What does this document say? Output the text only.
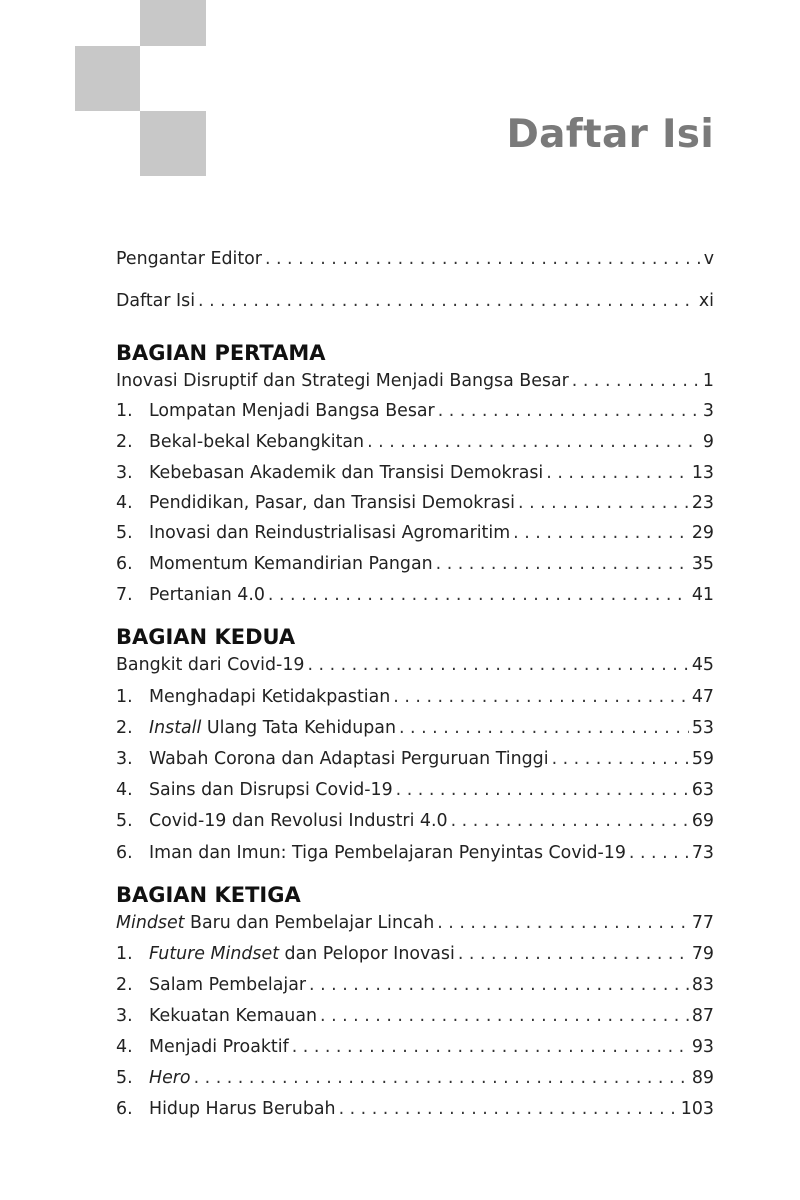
Daftar Isi
Pengantar Editor . . .	v
Daftar Isi . . .	xi
BAGIAN PERTAMA
Inovasi Disruptif dan Strategi Menjadi Bangsa Besar . . .	1
1. Lompatan Menjadi Bangsa Besar . . .	3
2. Bekal-bekal Kebangkitan . . .	9
3. Kebebasan Akademik dan Transisi Demokrasi . . .	13
4. Pendidikan, Pasar, dan Transisi Demokrasi . . .	23
5. Inovasi dan Reindustrialisasi Agromaritim . . .	29
6. Momentum Kemandirian Pangan . . .	35
7. Pertanian 4.0 . . .	41
BAGIAN KEDUA
Bangkit dari Covid-19 . . .	45
1. Menghadapi Ketidakpastian . . .	47
2. Install Ulang Tata Kehidupan . . .	53
3. Wabah Corona dan Adaptasi Perguruan Tinggi . . .	59
4. Sains dan Disrupsi Covid-19 . . .	63
5. Covid-19 dan Revolusi Industri 4.0 . . .	69
6. Iman dan Imun: Tiga Pembelajaran Penyintas Covid-19 . . .	73
BAGIAN KETIGA
Mindset Baru dan Pembelajar Lincah . . .	77
1. Future Mindset dan Pelopor Inovasi . . .	79
2. Salam Pembelajar . . .	83
3. Kekuatan Kemauan . . .	87
4. Menjadi Proaktif . . .	93
5. Hero . . .	89
6. Hidup Harus Berubah . . .	103
